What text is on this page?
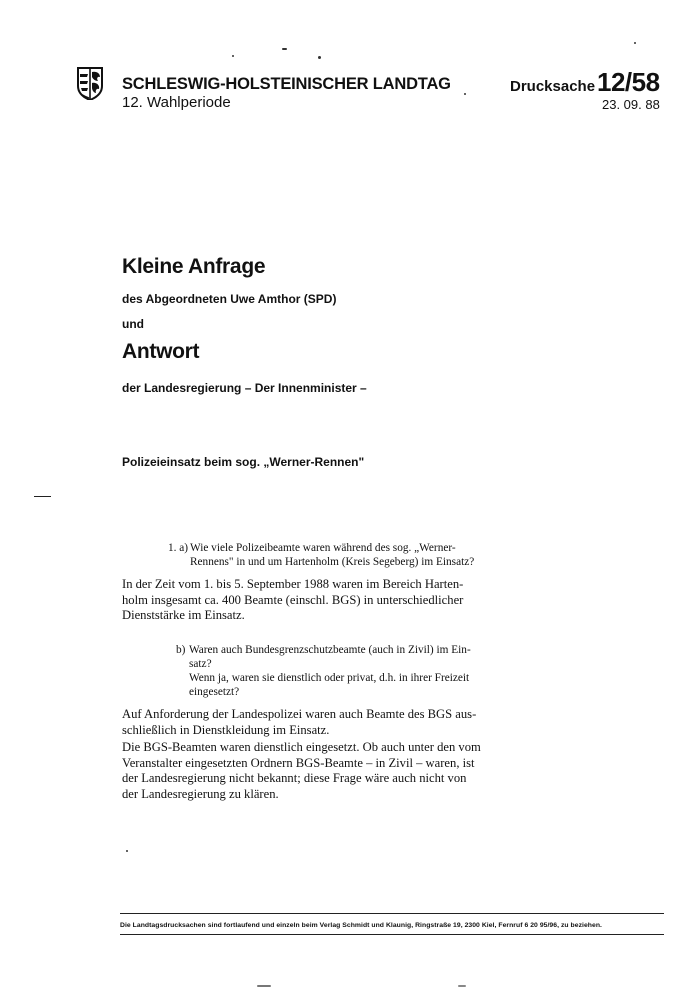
SCHLESWIG-HOLSTEINISCHER LANDTAG
12. Wahlperiode
Drucksache 12/58
23. 09. 88
Kleine Anfrage
des Abgeordneten Uwe Amthor (SPD)
und
Antwort
der Landesregierung – Der Innenminister –
Polizeieinsatz beim sog. „Werner-Rennen"
1. a) Wie viele Polizeibeamte waren während des sog. „Werner-
Rennens" in und um Hartenholm (Kreis Segeberg) im Einsatz?
In der Zeit vom 1. bis 5. September 1988 waren im Bereich Harten-
holm insgesamt ca. 400 Beamte (einschl. BGS) in unterschiedlicher
Dienststärke im Einsatz.
b) Waren auch Bundesgrenzschutzbeamte (auch in Zivil) im Ein-
satz?
Wenn ja, waren sie dienstlich oder privat, d.h. in ihrer Freizeit
eingesetzt?
Auf Anforderung der Landespolizei waren auch Beamte des BGS aus-
schließlich in Dienstkleidung im Einsatz.
Die BGS-Beamten waren dienstlich eingesetzt. Ob auch unter den vom
Veranstalter eingesetzten Ordnern BGS-Beamte – in Zivil – waren, ist
der Landesregierung nicht bekannt; diese Frage wäre auch nicht von
der Landesregierung zu klären.
Die Landtagsdrucksachen sind fortlaufend und einzeln beim Verlag Schmidt und Klaunig, Ringstraße 19, 2300 Kiel, Fernruf 6 20 95/96, zu beziehen.
